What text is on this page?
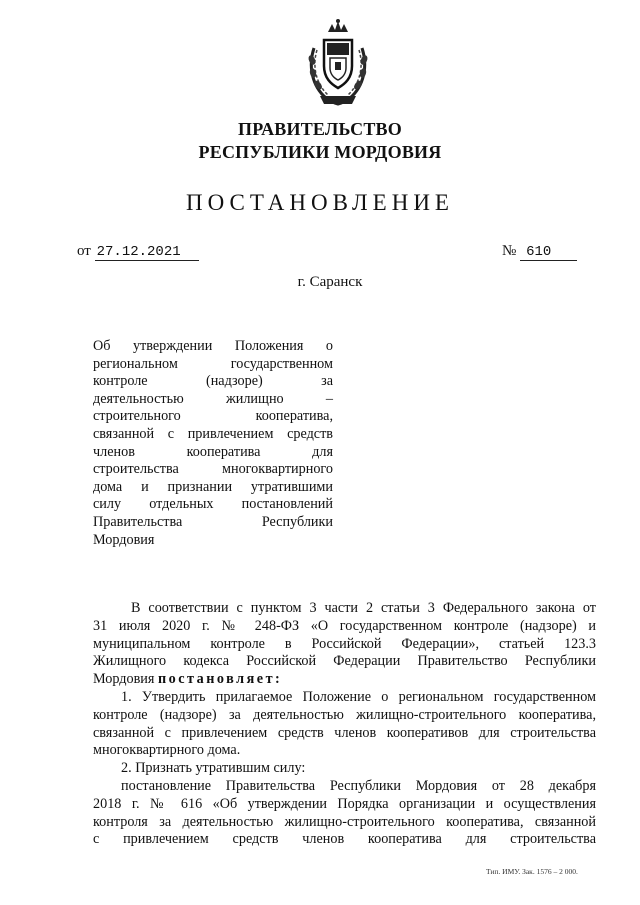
ПРАВИТЕЛЬСТВО
РЕСПУБЛИКИ МОРДОВИЯ
ПОСТАНОВЛЕНИЕ
от 27.12.2021	№ 610
г. Саранск
Об утверждении Положения о
региональном государственном
контроле (надзоре) за
деятельностью жилищно –
строительного кооператива,
связанной с привлечением средств
членов кооператива для
строительства многоквартирного
дома и признании утратившими
силу отдельных постановлений
Правительства Республики
Мордовия
В соответствии с пунктом 3 части 2 статьи 3 Федерального закона от
31 июля 2020 г. № 248-ФЗ «О государственном контроле (надзоре) и
муниципальном контроле в Российской Федерации», статьей 123.3
Жилищного кодекса Российской Федерации Правительство Республики
Мордовия постановляет:
1. Утвердить прилагаемое Положение о региональном государственном
контроле (надзоре) за деятельностью жилищно-строительного кооператива,
связанной с привлечением средств членов кооперативов для строительства
многоквартирного дома.
2. Признать утратившим силу:
постановление Правительства Республики Мордовия от 28 декабря
2018 г. № 616 «Об утверждении Порядка организации и осуществления
контроля за деятельностью жилищно-строительного кооператива, связанной
с привлечением средств членов кооператива для строительства
Тип. ИМУ. Зак. 1576 – 2 000.
